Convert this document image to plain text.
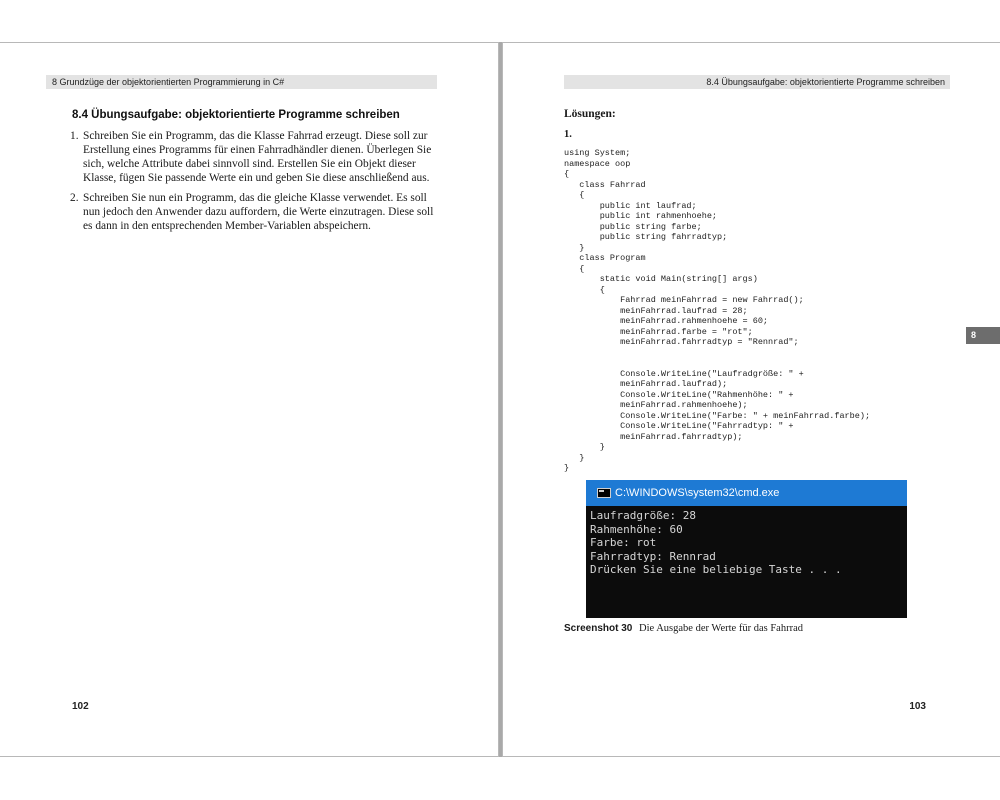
8 Grundzüge der objektorientierten Programmierung in C#
8.4 Übungsaufgabe: objektorientierte Programme schreiben
1. Schreiben Sie ein Programm, das die Klasse Fahrrad erzeugt. Diese soll zur Erstellung eines Programms für einen Fahrradhändler dienen. Überlegen Sie sich, welche Attribute dabei sinnvoll sind. Erstellen Sie ein Objekt dieser Klasse, fügen Sie passende Werte ein und geben Sie diese anschließend aus.
2. Schreiben Sie nun ein Programm, das die gleiche Klasse verwendet. Es soll nun jedoch den Anwender dazu auffordern, die Werte einzutragen. Diese soll es dann in den entsprechenden Member-Variablen abspeichern.
102
8.4 Übungsaufgabe: objektorientierte Programme schreiben
Lösungen:
1.
using System;
namespace oop
{
class Fahrrad
{
public int laufrad;
public int rahmenhoehe;
public string farbe;
public string fahrradtyp;
}
class Program
{
static void Main(string[] args)
{
Fahrrad meinFahrrad = new Fahrrad();
meinFahrrad.laufrad = 28;
meinFahrrad.rahmenhoehe = 60;
meinFahrrad.farbe = "rot";
meinFahrrad.fahrradtyp = "Rennrad";
Console.WriteLine("Laufradgröße: " +
meinFahrrad.laufrad);
Console.WriteLine("Rahmenhöhe: " +
meinFahrrad.rahmenhoehe);
Console.WriteLine("Farbe: " + meinFahrrad.farbe);
Console.WriteLine("Fahrradtyp: " +
meinFahrrad.fahrradtyp);
}
}
}
C:\WINDOWS\system32\cmd.exe
Laufradgröße: 28
Rahmenhöhe: 60
Farbe: rot
Fahrradtyp: Rennrad
Drücken Sie eine beliebige Taste . . .
Screenshot 30 Die Ausgabe der Werte für das Fahrrad
103
8
